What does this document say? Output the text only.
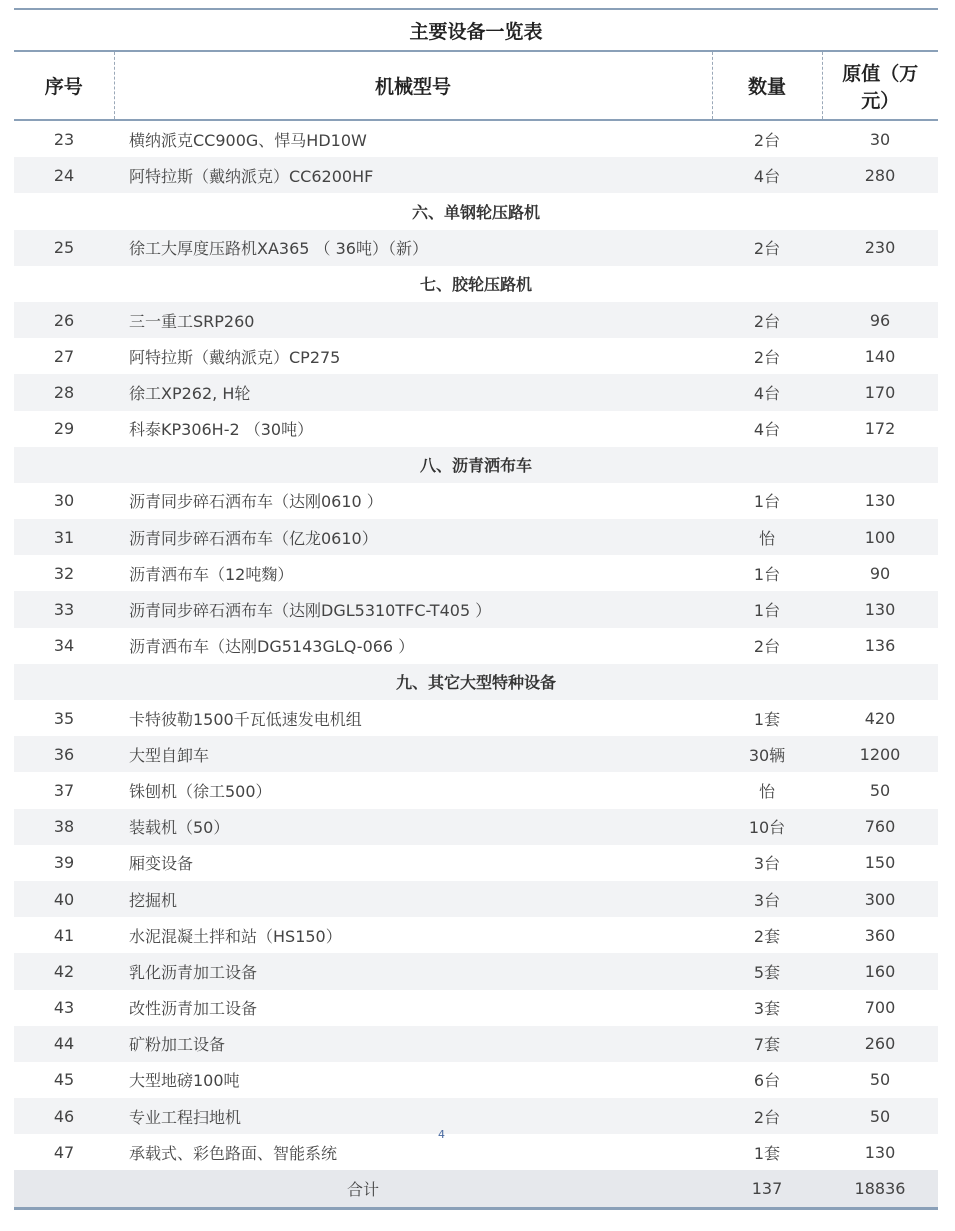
主要设备一览表			
序号	机械型号	数量	原值（万元）
23	横纳派克CC900G、悍马HD10W	2台	30
24	阿特拉斯（戴纳派克）CC6200HF	4台	280
六、单钢轮压路机			
25	徐工大厚度压路机XA365 （ 36吨）（新）	2台	230
七、胶轮压路机			
26	三一重工SRP260	2台	96
27	阿特拉斯（戴纳派克）CP275	2台	140
28	徐工XP262, H轮	4台	170
29	科泰KP306H-2 （30吨）	4台	172
八、沥青洒布车			
30	沥青同步碎石洒布车（达刚0610 ）	1台	130
31	沥青同步碎石洒布车（亿龙0610）	怡	100
32	沥青洒布车（12吨麴）	1台	90
33	沥青同步碎石洒布车（达刚DGL5310TFC-T405 ）	1台	130
34	沥青洒布车（达刚DG5143GLQ-066 ）	2台	136
九、其它大型特种设备			
35	卡特彼勒1500千瓦低速发电机组	1套	420
36	大型自卸车	30辆	1200
37	铢刨机（徐工500）	怡	50
38	装载机（50）	10台	760
39	厢变设备	3台	150
40	挖掘机	3台	300
41	水泥混凝土拌和站（HS150）	2套	360
42	乳化沥青加工设备	5套	160
43	改性沥青加工设备	3套	700
44	矿粉加工设备	7套	260
45	大型地磅100吨	6台	50
46	专业工程扫地机	2台	50
47	承载式、彩色路面、智能系统	1套	130
合计		137	18836
4
